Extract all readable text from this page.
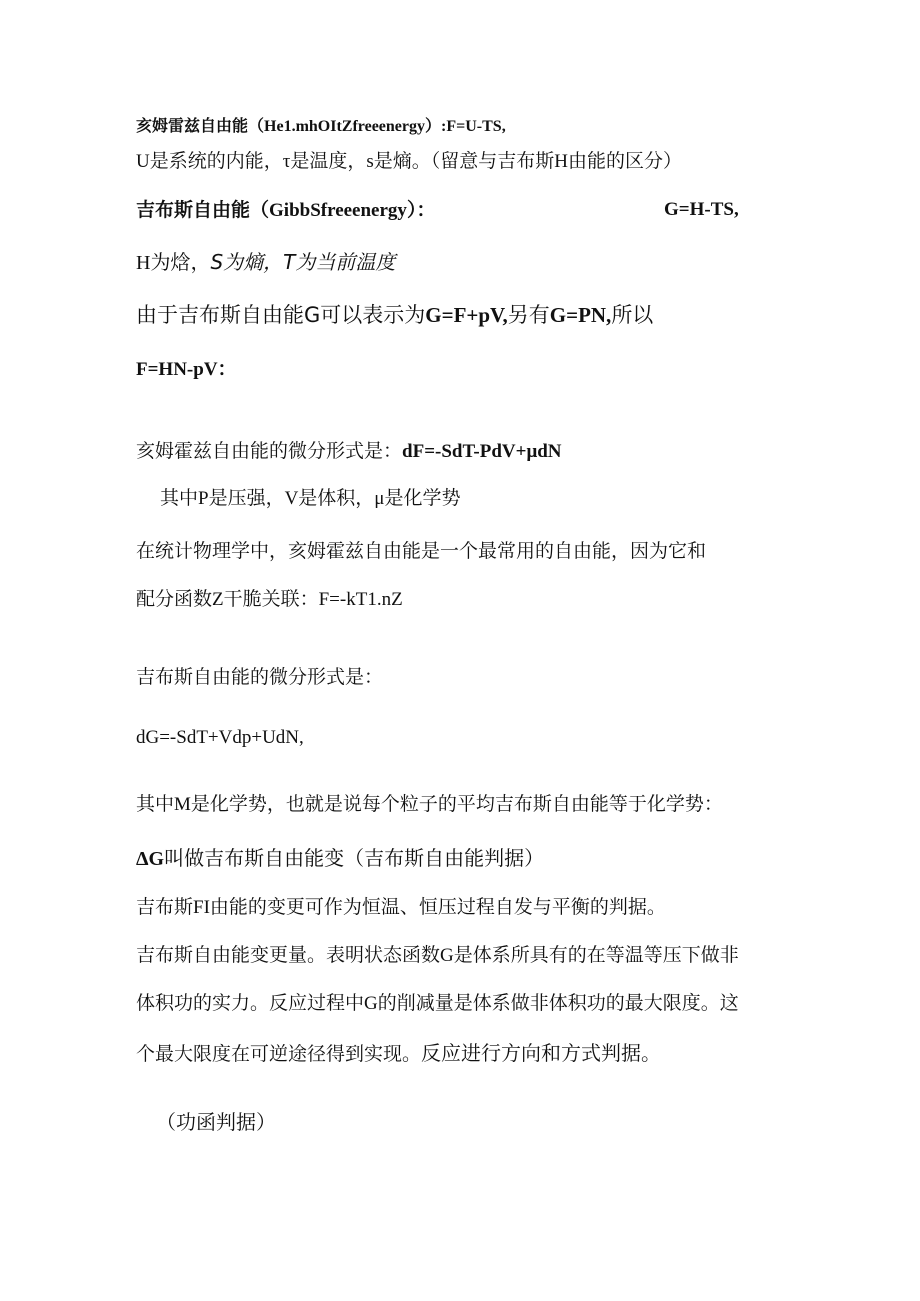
亥姆雷兹自由能（He1.mhOItZfreeenergy）:F=U-TS,
U是系统的内能，τ是温度，s是熵。（留意与吉布斯H由能的区分）
吉布斯自由能（GibbSfreeenergy）：	G=H-TS,
H为焓，S为熵，T为当前温度
由于吉布斯自由能G可以表示为G=F+pV,另有G=PN,所以
F=HN-pV：
亥姆霍兹自由能的微分形式是：dF=-SdT-PdV+μdN
其中P是压强，V是体积，μ是化学势
在统计物理学中，亥姆霍兹自由能是一个最常用的自由能，因为它和
配分函数Z干脆关联：F=-kT1.nZ
吉布斯自由能的微分形式是：
dG=-SdT+Vdp+UdN,
其中M是化学势，也就是说每个粒子的平均吉布斯自由能等于化学势：
ΔG叫做吉布斯自由能变（吉布斯自由能判据）
吉布斯FI由能的变更可作为恒温、恒压过程自发与平衡的判据。
吉布斯自由能变更量。表明状态函数G是体系所具有的在等温等压下做非
体积功的实力。反应过程中G的削减量是体系做非体积功的最大限度。这
个最大限度在可逆途径得到实现。反应进行方向和方式判据。
（功函判据）
